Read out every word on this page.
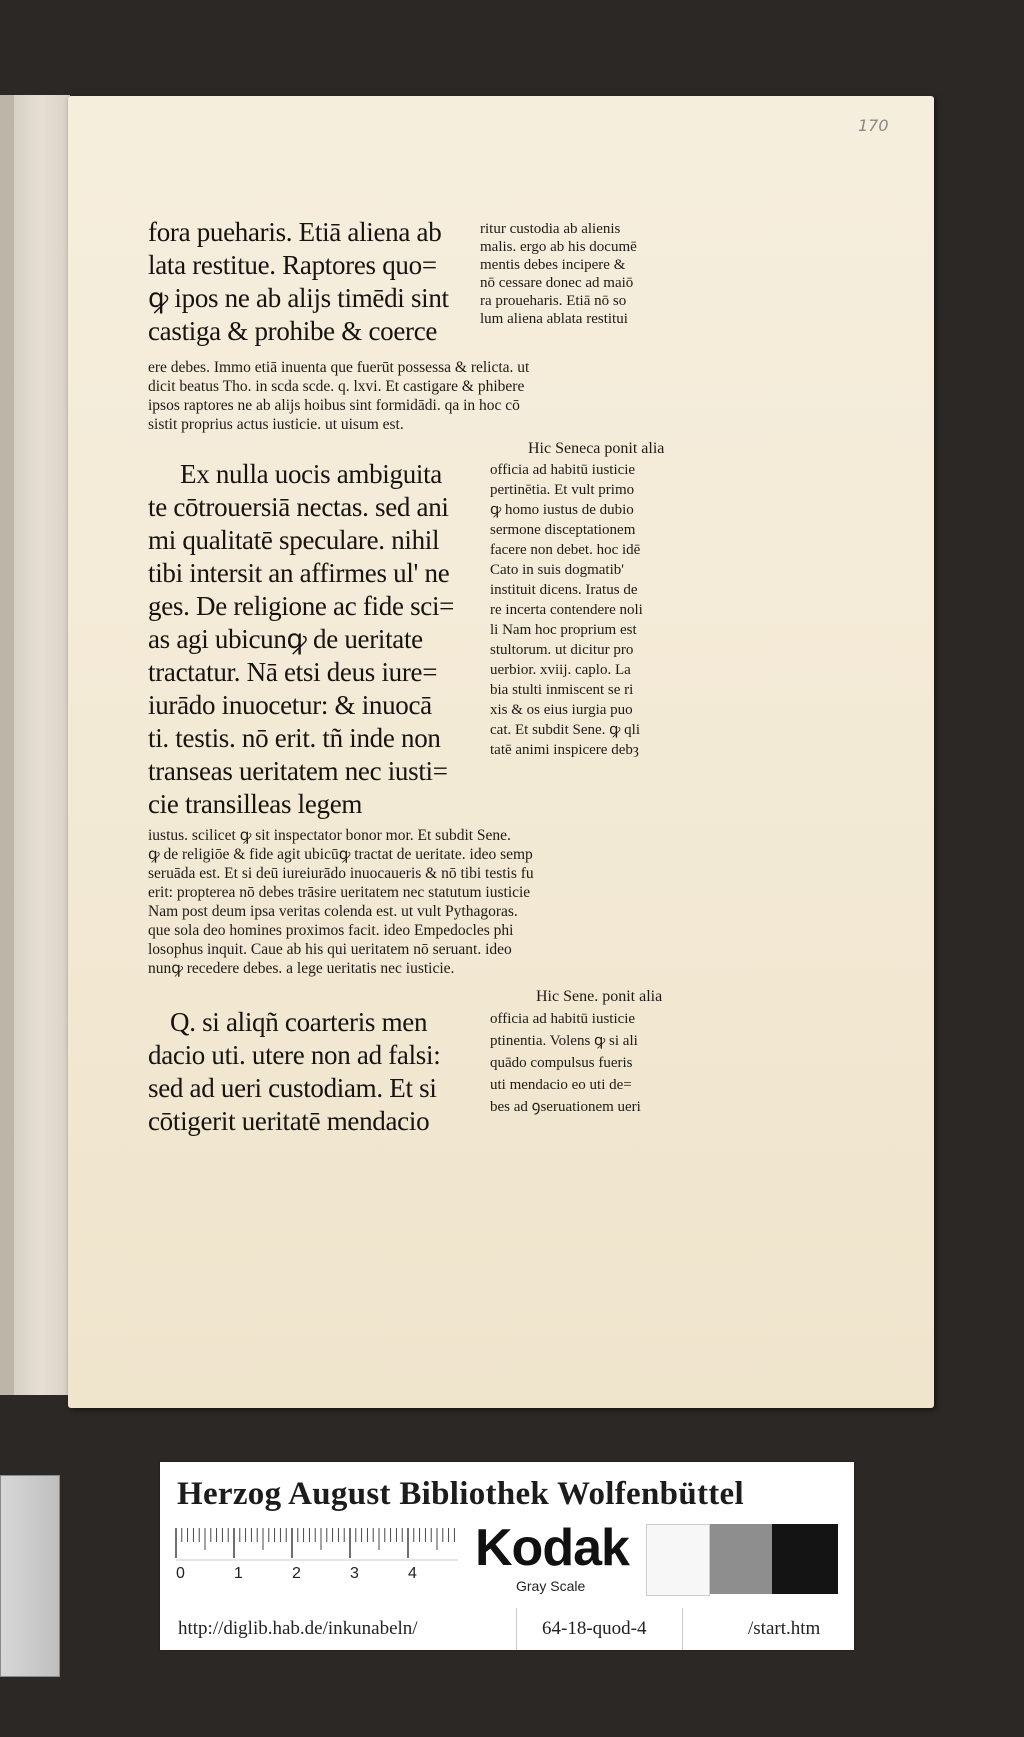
170
fora pueharis. Etiā aliena ab
lata restitue. Raptores quo=
ꝙ ipos ne ab alijs timēdi sint
castiga & prohibe & coerce
ritur custodia ab alienis
malis. ergo ab his documē
mentis debes incipere &
nō cessare donec ad maiō
ra proueharis. Etiā nō so
lum aliena ablata restitui
ere debes. Immo etiā inuenta que fuerūt possessa & relicta. ut
dicit beatus Tho. in scda scde. q. lxvi. Et castigare & phibere
ipsos raptores ne ab alijs hoibus sint formidādi. qa in hoc cō
sistit proprius actus iusticie. ut uisum est.
Hic Seneca ponit alia
Ex nulla uocis ambiguita
te cōtrouersiā nectas. sed ani
mi qualitatē speculare. nihil
tibi intersit an affirmes ul' ne
ges. De religione ac fide sci=
as agi ubicunꝙ de ueritate
tractatur. Nā etsi deus iure=
iurādo inuocetur: & inuocā
ti. testis. nō erit. tñ inde non
transeas ueritatem nec iusti=
cie transilleas legem
officia ad habitū iusticie
pertinētia. Et vult primo
ꝙ homo iustus de dubio
sermone disceptationem
facere non debet. hoc idē
Cato in suis dogmatib'
instituit dicens. Iratus de
re incerta contendere noli
li Nam hoc proprium est
stultorum. ut dicitur pro
uerbior. xviij. caplo. La
bia stulti inmiscent se ri
xis & os eius iurgia puo
cat. Et subdit Sene. ꝙ qli
tatē animi inspicere debȝ
iustus. scilicet ꝙ sit inspectator bonor mor. Et subdit Sene.
ꝙ de religiōe & fide agit ubicūꝙ tractat de ueritate. ideo semp
seruāda est. Et si deū iureiurādo inuocaueris & nō tibi testis fu
erit: propterea nō debes trāsire ueritatem nec statutum iusticie
Nam post deum ipsa veritas colenda est. ut vult Pythagoras.
que sola deo homines proximos facit. ideo Empedocles phi
losophus inquit. Caue ab his qui ueritatem nō seruant. ideo
nunꝙ recedere debes. a lege ueritatis nec iusticie.
Hic Sene. ponit alia
Q. si aliqñ coarteris men
dacio uti. utere non ad falsi:
sed ad ueri custodiam. Et si
cōtigerit ueritatē mendacio
officia ad habitū iusticie
ptinentia. Volens ꝙ si ali
quādo compulsus fueris
uti mendacio eo uti de=
bes ad ꝯseruationem ueri
Herzog August Bibliothek Wolfenbüttel
0	1	2	3	4 Kodak
Gray Scale
http://diglib.hab.de/inkunabeln/	64-18-quod-4	/start.htm
